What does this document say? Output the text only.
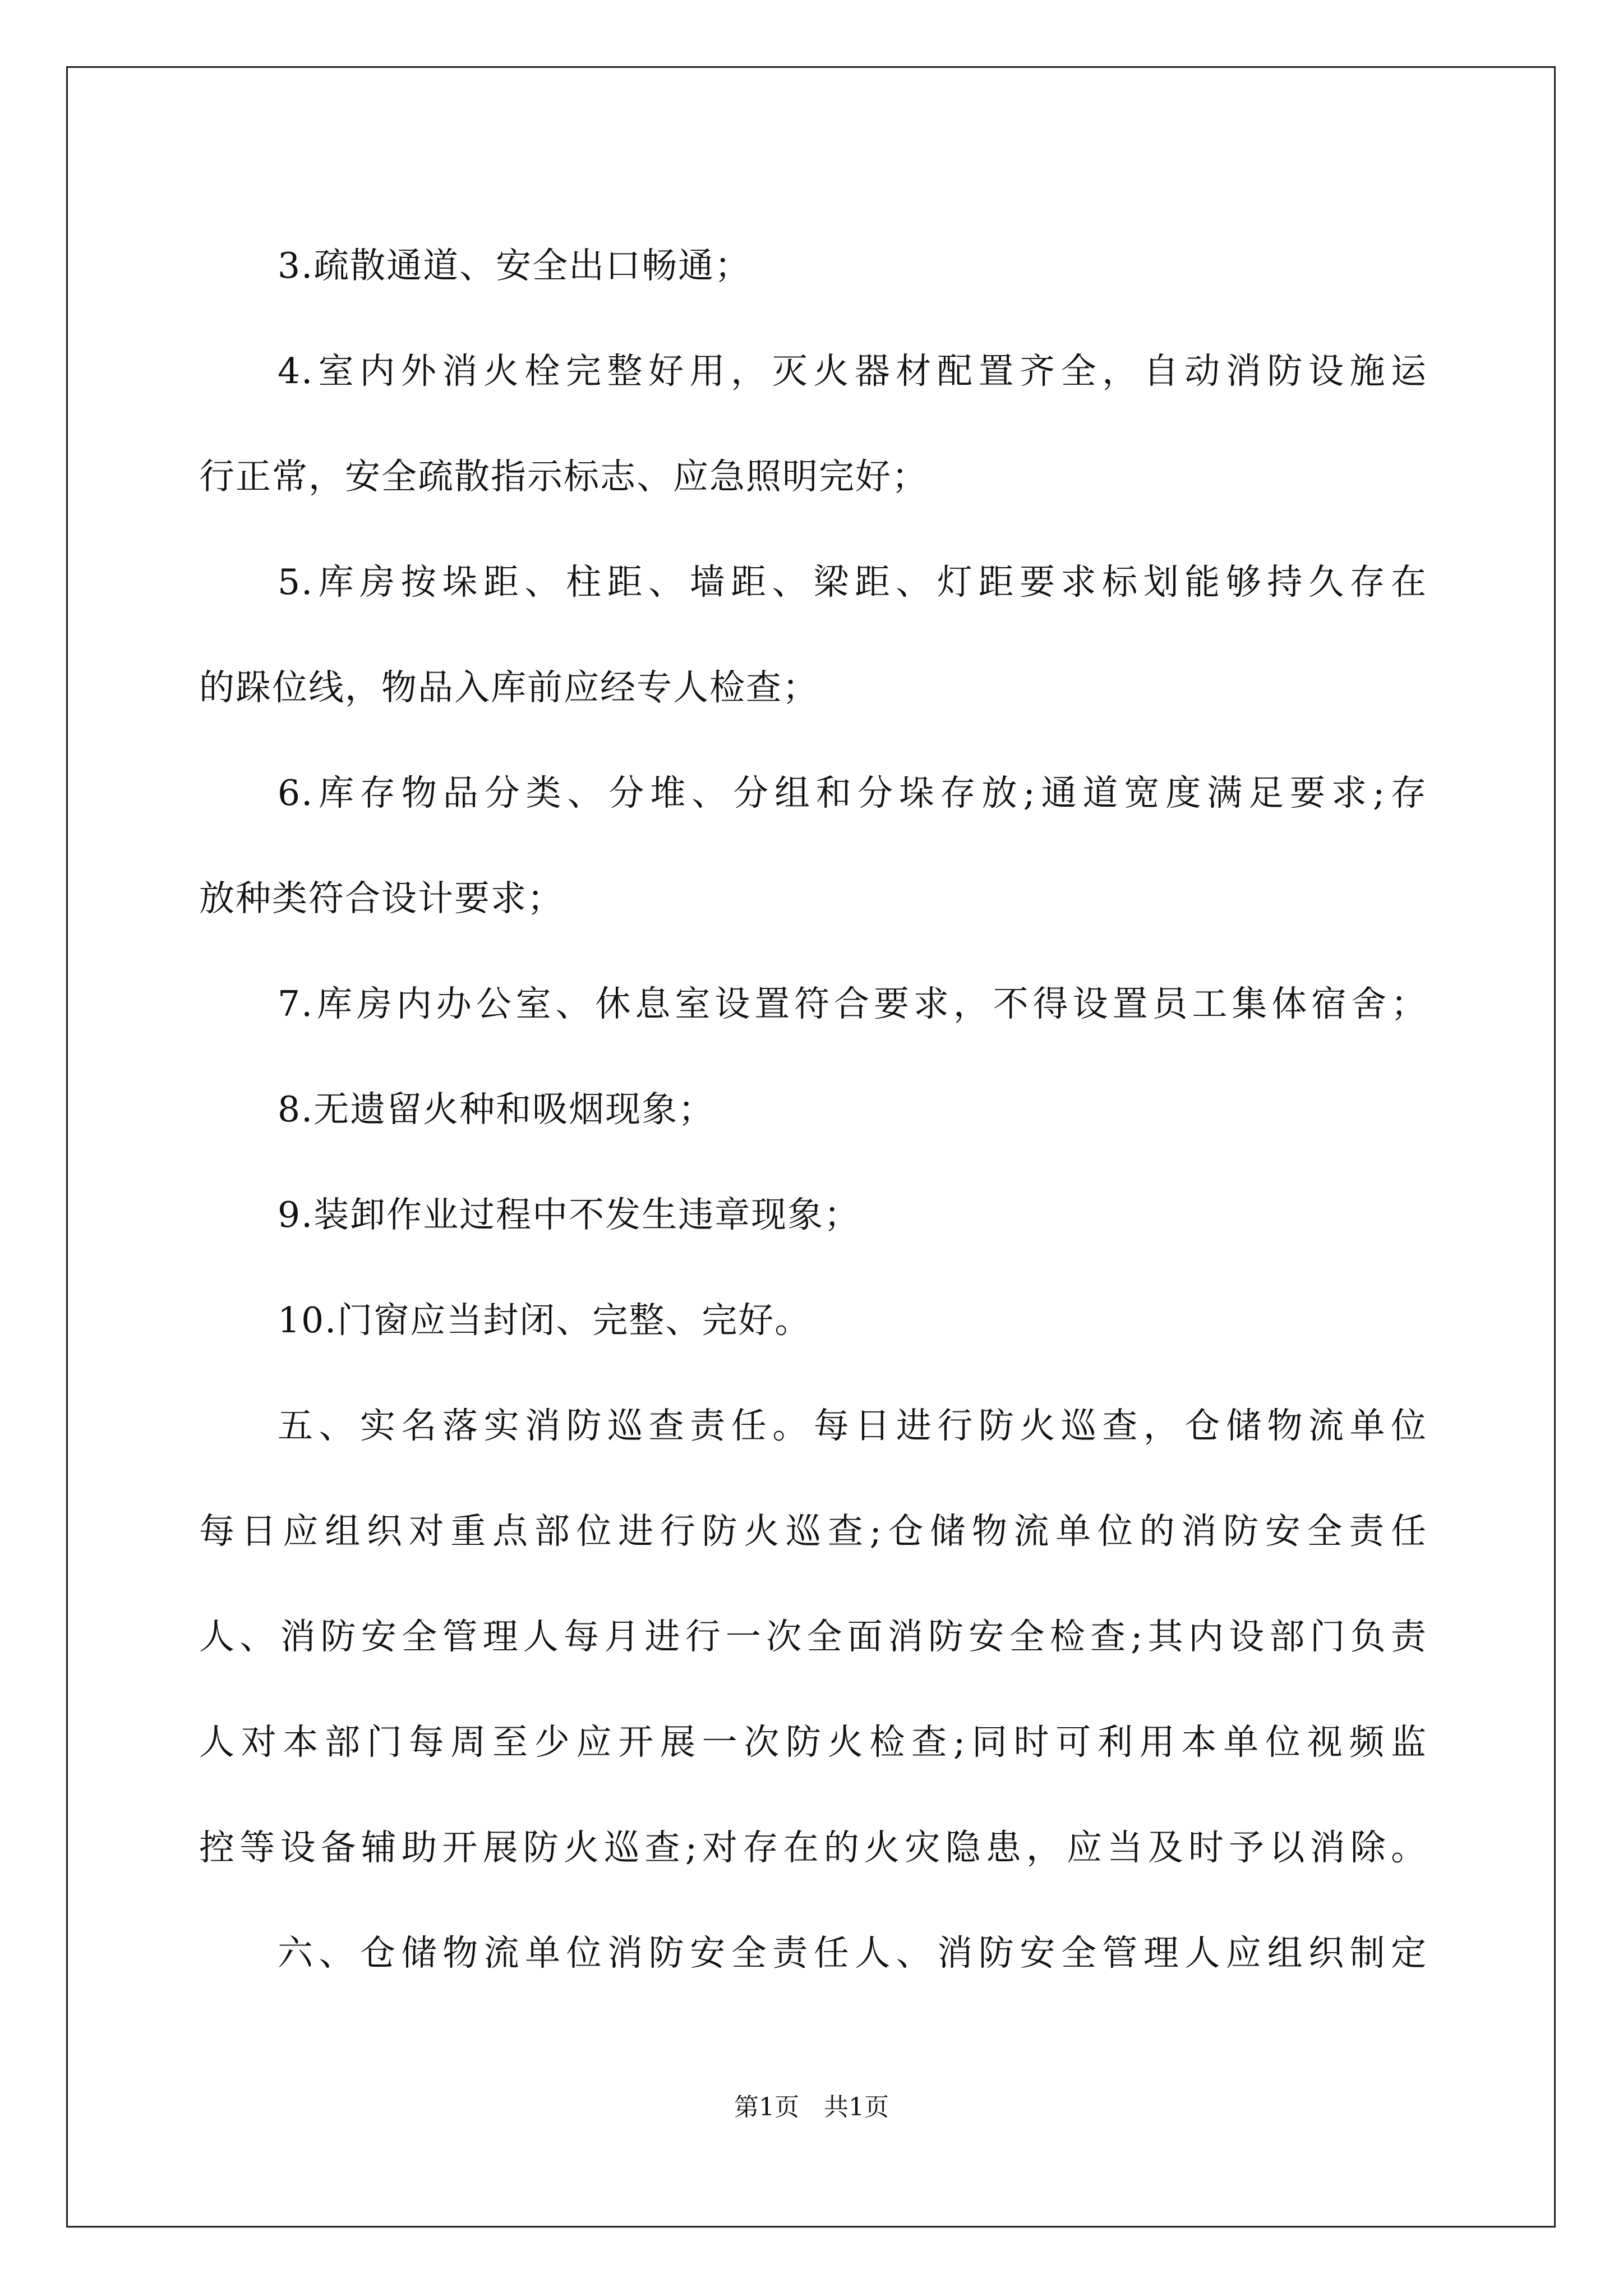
3.疏散通道、安全出口畅通；
4.室内外消火栓完整好用，灭火器材配置齐全，自动消防设施运
行正常，安全疏散指示标志、应急照明完好；
5.库房按垛距、柱距、墙距、梁距、灯距要求标划能够持久存在
的跺位线，物品入库前应经专人检查；
6.库存物品分类、分堆、分组和分垛存放;通道宽度满足要求;存
放种类符合设计要求；
7.库房内办公室、休息室设置符合要求，不得设置员工集体宿舍；
8.无遗留火种和吸烟现象；
9.装卸作业过程中不发生违章现象；
10.门窗应当封闭、完整、完好。
五、实名落实消防巡查责任。每日进行防火巡查，仓储物流单位
每日应组织对重点部位进行防火巡查;仓储物流单位的消防安全责任
人、消防安全管理人每月进行一次全面消防安全检查;其内设部门负责
人对本部门每周至少应开展一次防火检查;同时可利用本单位视频监
控等设备辅助开展防火巡查;对存在的火灾隐患，应当及时予以消除。
六、仓储物流单位消防安全责任人、消防安全管理人应组织制定
第1页　共1页
